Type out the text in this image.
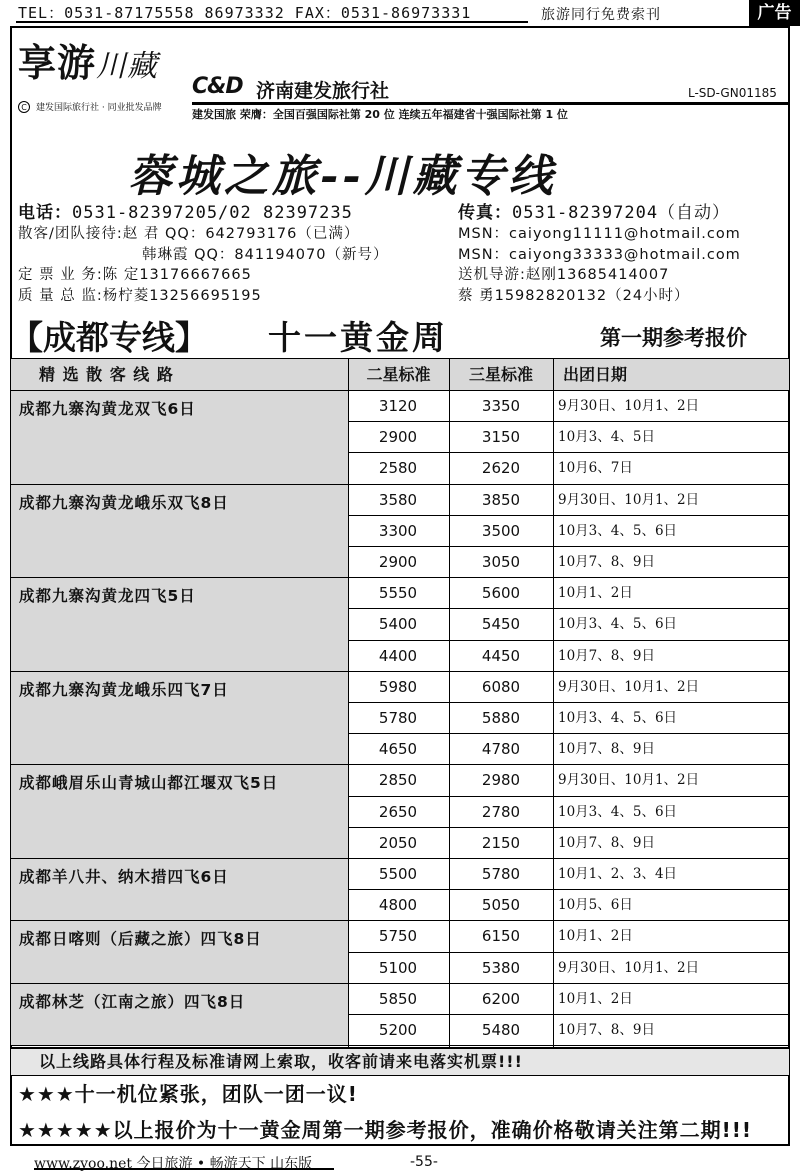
TEL：0531-87175558 86973332 FAX：0531-86973331	旅游同行免费索刊	广告
享游川藏
C 建发国际旅行社 · 同业批发品牌
C&D 济南建发旅行社	L-SD-GN01185
建发国旅 荣膺：全国百强国际社第 20 位 连续五年福建省十强国际社第 1 位
蓉城之旅--川藏专线
电话：0531-82397205/02 82397235	传真：0531-82397204（自动）
散客/团队接待:赵 君 QQ：642793176（已满）	MSN：caiyong11111@hotmail.com
韩琳霞 QQ：841194070（新号）	MSN：caiyong33333@hotmail.com
定 票 业 务:陈 定13176667665	送机导游:赵刚13685414007
质 量 总 监:杨柠菱13256695195	蔡 勇15982820132（24小时）
【成都专线】 十一黄金周	第一期参考报价
精 选 散 客 线 路	二星标准	三星标准	出团日期
成都九寨沟黄龙双飞6日	3120	3350	9月30日、10月1、2日
2900	3150	10月3、4、5日
2580	2620	10月6、7日
成都九寨沟黄龙峨乐双飞8日	3580	3850	9月30日、10月1、2日
3300	3500	10月3、4、5、6日
2900	3050	10月7、8、9日
成都九寨沟黄龙四飞5日	5550	5600	10月1、2日
5400	5450	10月3、4、5、6日
4400	4450	10月7、8、9日
成都九寨沟黄龙峨乐四飞7日	5980	6080	9月30日、10月1、2日
5780	5880	10月3、4、5、6日
4650	4780	10月7、8、9日
成都峨眉乐山青城山都江堰双飞5日	2850	2980	9月30日、10月1、2日
2650	2780	10月3、4、5、6日
2050	2150	10月7、8、9日
成都羊八井、纳木措四飞6日	5500	5780	10月1、2、3、4日
4800	5050	10月5、6日
成都日喀则（后藏之旅）四飞8日	5750	6150	10月1、2日
5100	5380	9月30日、10月1、2日
成都林芝（江南之旅）四飞8日	5850	6200	10月1、2日
5200	5480	10月7、8、9日
以上线路具体行程及标准请网上索取，收客前请来电落实机票!!!
★★★十一机位紧张，团队一团一议!
★★★★★以上报价为十一黄金周第一期参考报价，准确价格敬请关注第二期!!!
www.zyoo.net 今日旅游 • 畅游天下 山东版	-55-
